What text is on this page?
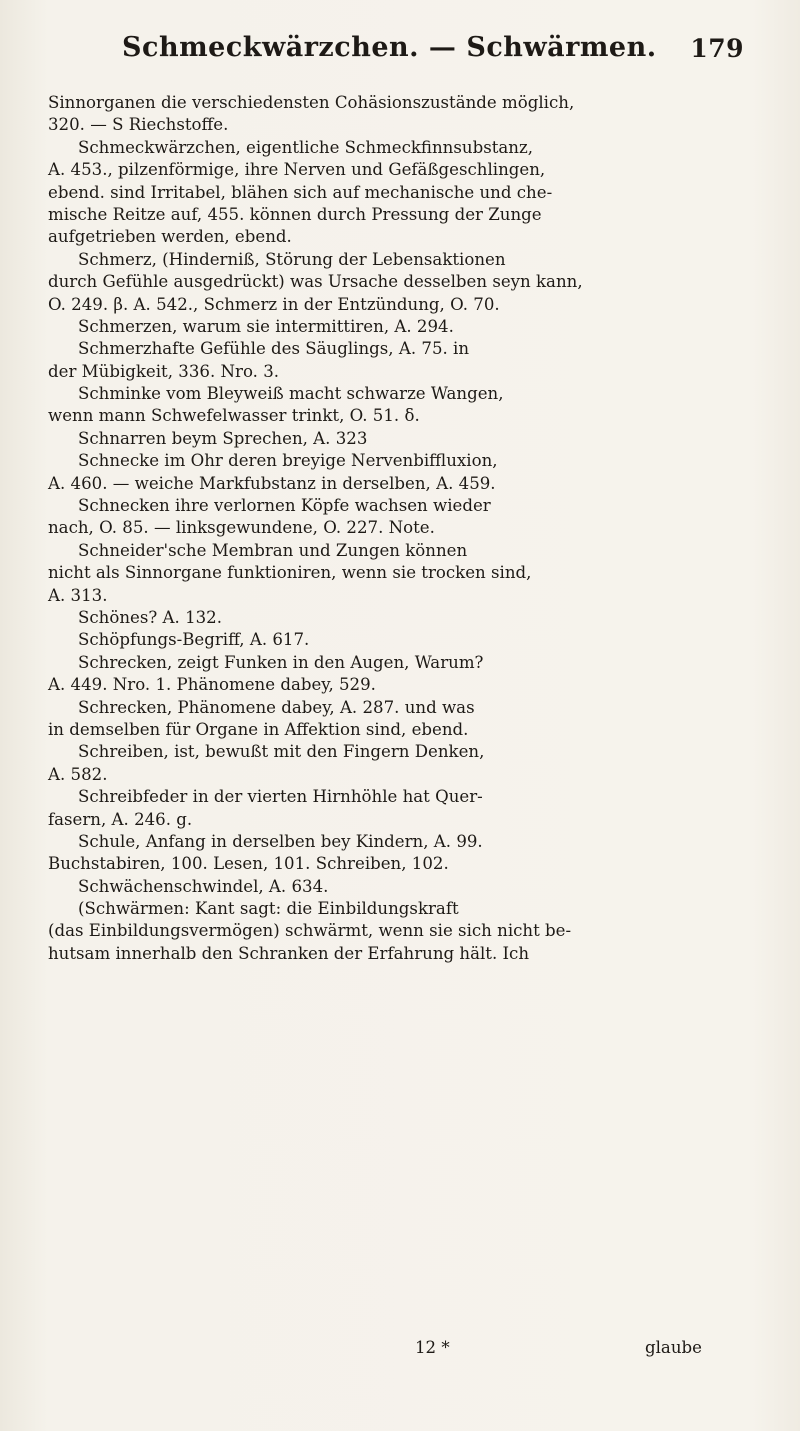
Schmeckwärzchen. — Schwärmen. 179
Sinnorganen die verschiedensten Cohäsionszustände möglich,
320. — S Riechstoffe.
Schmeckwärzchen, eigentliche Schmeckfinnsubstanz,
A. 453., pilzenförmige, ihre Nerven und Gefäßgeschlingen,
ebend. sind Irritabel, blähen sich auf mechanische und che-
mische Reitze auf, 455. können durch Pressung der Zunge
aufgetrieben werden, ebend.
Schmerz, (Hinderniß, Störung der Lebensaktionen
durch Gefühle ausgedrückt) was Ursache desselben seyn kann,
O. 249. β. A. 542., Schmerz in der Entzündung, O. 70.
Schmerzen, warum sie intermittiren, A. 294.
Schmerzhafte Gefühle des Säuglings, A. 75. in
der Mübigkeit, 336. Nro. 3.
Schminke vom Bleyweiß macht schwarze Wangen,
wenn mann Schwefelwasser trinkt, O. 51. δ.
Schnarren beym Sprechen, A. 323
Schnecke im Ohr deren breyige Nervenbiffluxion,
A. 460. — weiche Markfubstanz in derselben, A. 459.
Schnecken ihre verlornen Köpfe wachsen wieder
nach, O. 85. — linksgewundene, O. 227. Note.
Schneider'sche Membran und Zungen können
nicht als Sinnorgane funktioniren, wenn sie trocken sind,
A. 313.
Schönes? A. 132.
Schöpfungs-Begriff, A. 617.
Schrecken, zeigt Funken in den Augen, Warum?
A. 449. Nro. 1. Phänomene dabey, 529.
Schrecken, Phänomene dabey, A. 287. und was
in demselben für Organe in Affektion sind, ebend.
Schreiben, ist, bewußt mit den Fingern Denken,
A. 582.
Schreibfeder in der vierten Hirnhöhle hat Quer-
fasern, A. 246. g.
Schule, Anfang in derselben bey Kindern, A. 99.
Buchstabiren, 100. Lesen, 101. Schreiben, 102.
Schwächenschwindel, A. 634.
(Schwärmen: Kant sagt: die Einbildungskraft
(das Einbildungsvermögen) schwärmt, wenn sie sich nicht be-
hutsam innerhalb den Schranken der Erfahrung hält. Ich
12 *	glaube
